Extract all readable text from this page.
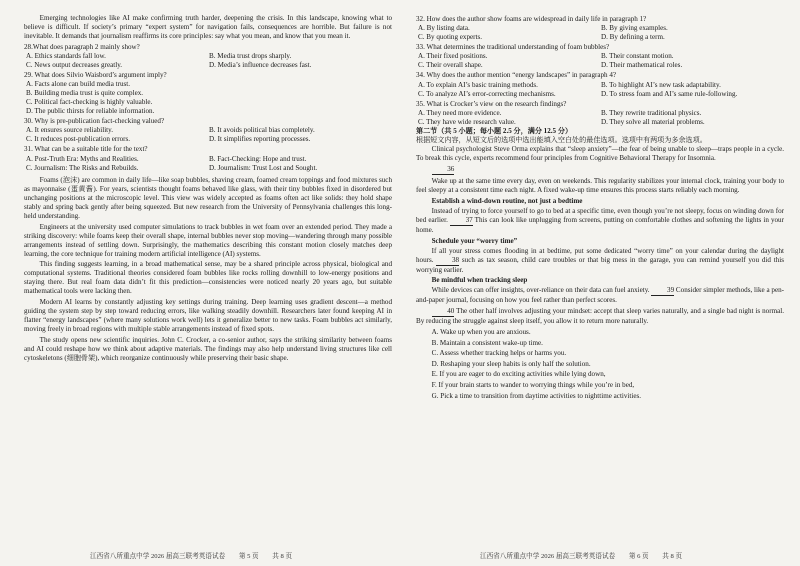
Emerging technologies like AI make confirming truth harder, deepening the crisis. In this landscape, knowing what to believe is difficult. If society’s primary “expert system” for navigation fails, consequences are horrible. But failure is not inevitable. It demands that journalism reaffirms its core principles: say what you mean, and know that you mean it.

28.What does paragraph 2 mainly show?

A. Ethics standards fall low.	B. Media trust drops sharply.
C. News output decreases greatly.	D. Media’s influence decreases fast.

29. What does Silvio Waisbord’s argument imply?

A. Facts alone can build media trust.
B. Building media trust is quite complex.
C. Political fact-checking is highly valuable.
D. The public thirsts for reliable information.

30. Why is pre-publication fact-checking valued?

A. It ensures source reliability.	B. It avoids political bias completely.
C. It reduces post-publication errors.	D. It simplifies reporting processes.

31. What can be a suitable title for the text?

A. Post-Truth Era: Myths and Realities.	B. Fact-Checking: Hope and trust.
C. Journalism: The Risks and Rebuilds.	D. Journalism: Trust Lost and Sought.

Foams (泡沫) are common in daily life—like soap bubbles, shaving cream, foamed cream toppings and food mixtures such as mayonnaise (蛋黄酱). For years, scientists thought foams behaved like glass, with their tiny bubbles fixed in disordered but unchanging positions at the microscopic level. This view was widely accepted as foams often act like solids: they hold shape stably and spring back gently after being squeezed. But new research from the University of Pennsylvania challenges this long-held understanding.

Engineers at the university used computer simulations to track bubbles in wet foam over an extended period. They made a striking discovery: while foams keep their overall shape, internal bubbles never stop moving—wandering through many possible arrangements instead of settling down. Surprisingly, the mathematics describing this constant motion closely matches deep learning, the core technique for training modern artificial intelligence (AI) systems.

This finding suggests learning, in a broad mathematical sense, may be a shared principle across physical, biological and computational systems. Traditional theories considered foam bubbles like rocks rolling downhill to low-energy positions and staying there. But real foam data didn’t fit this prediction—consistencies were noticed nearly 20 years ago, but suitable mathematical tools were lacking then.

Modern AI learns by constantly adjusting key settings during training. Deep learning uses gradient descent—a method guiding the system step by step toward reducing errors, like walking steadily downhill. Researchers later found keeping AI in flatter “energy landscapes” (where many solutions work well) lets it generalize better to new tasks. Foam bubbles act similarly, moving freely in broad regions with multiple stable arrangements instead of fixed spots.

The study opens new scientific inquiries. John C. Crocker, a co-senior author, says the striking similarity between foams and AI could reshape how we think about adaptive materials. The findings may also help understand living structures like cell cytoskeletons (细胞骨架), which reorganize continuously while preserving their basic shape.

江西省八所重点中学 2026 届高三联考英语试卷 第 5 页 共 8 页

32. How does the author show foams are widespread in daily life in paragraph 1?

A. By listing data.	B. By giving examples.
C. By quoting experts.	D. By defining a term.

33. What determines the traditional understanding of foam bubbles?

A. Their fixed positions.	B. Their constant motion.
C. Their overall shape.	D. Their mathematical roles.

34. Why does the author mention “energy landscapes” in paragraph 4?

A. To explain AI’s basic training methods.	B. To highlight AI’s new task adaptability.
C. To analyze AI’s error-correcting mechanisms.	D. To stress foam and AI’s same rule-following.

35. What is Crocker’s view on the research findings?

A. They need more evidence.	B. They rewrite traditional physics.
C. They have wide research value.	D. They solve all material problems.

第二节（共 5 小题；每小题 2.5 分，满分 12.5 分）

根据短文内容，从短文后的选项中选出能填入空白处的最佳选项。选项中有两项为多余选项。

Clinical psychologist Steve Orma explains that “sleep anxiety”—the fear of being unable to sleep—traps people in a cycle. To break this cycle, experts recommend four principles from Cognitive Behavioral Therapy for Insomnia.

36

Wake up at the same time every day, even on weekends. This regularity stabilizes your internal clock, training your body to feel sleepy at a consistent time each night. A fixed wake-up time ensures this process starts reliably each morning.

Establish a wind-down routine, not just a bedtime

Instead of trying to force yourself to go to bed at a specific time, even though you’re not sleepy, focus on winding down for bed earlier. 37 This can look like unplugging from screens, putting on comfortable clothes and softening the lights in your home.

Schedule your “worry time”

If all your stress comes flooding in at bedtime, put some dedicated “worry time” on your calendar during the daylight hours.	38 such as tax season, child care troubles or that big mess in the garage, you can remind yourself you did this worrying earlier.

Be mindful when tracking sleep

While devices can offer insights, over-reliance on their data can fuel anxiety. 39 Consider simpler methods, like a pen-and-paper journal, focusing on how you feel rather than perfect scores.

40 The other half involves adjusting your mindset: accept that sleep varies naturally, and a single bad night is normal. By reducing the struggle against sleep itself, you allow it to return more naturally.

A. Wake up when you are anxious.
B. Maintain a consistent wake-up time.
C. Assess whether tracking helps or harms you.
D. Reshaping your sleep habits is only half the solution.
E. If you are eager to do exciting activities while lying down,
F. If your brain starts to wander to worrying things while you’re in bed,
G. Pick a time to transition from daytime activities to nighttime activities.
江西省八所重点中学 2026 届高三联考英语试卷 第 6 页 共 8 页
